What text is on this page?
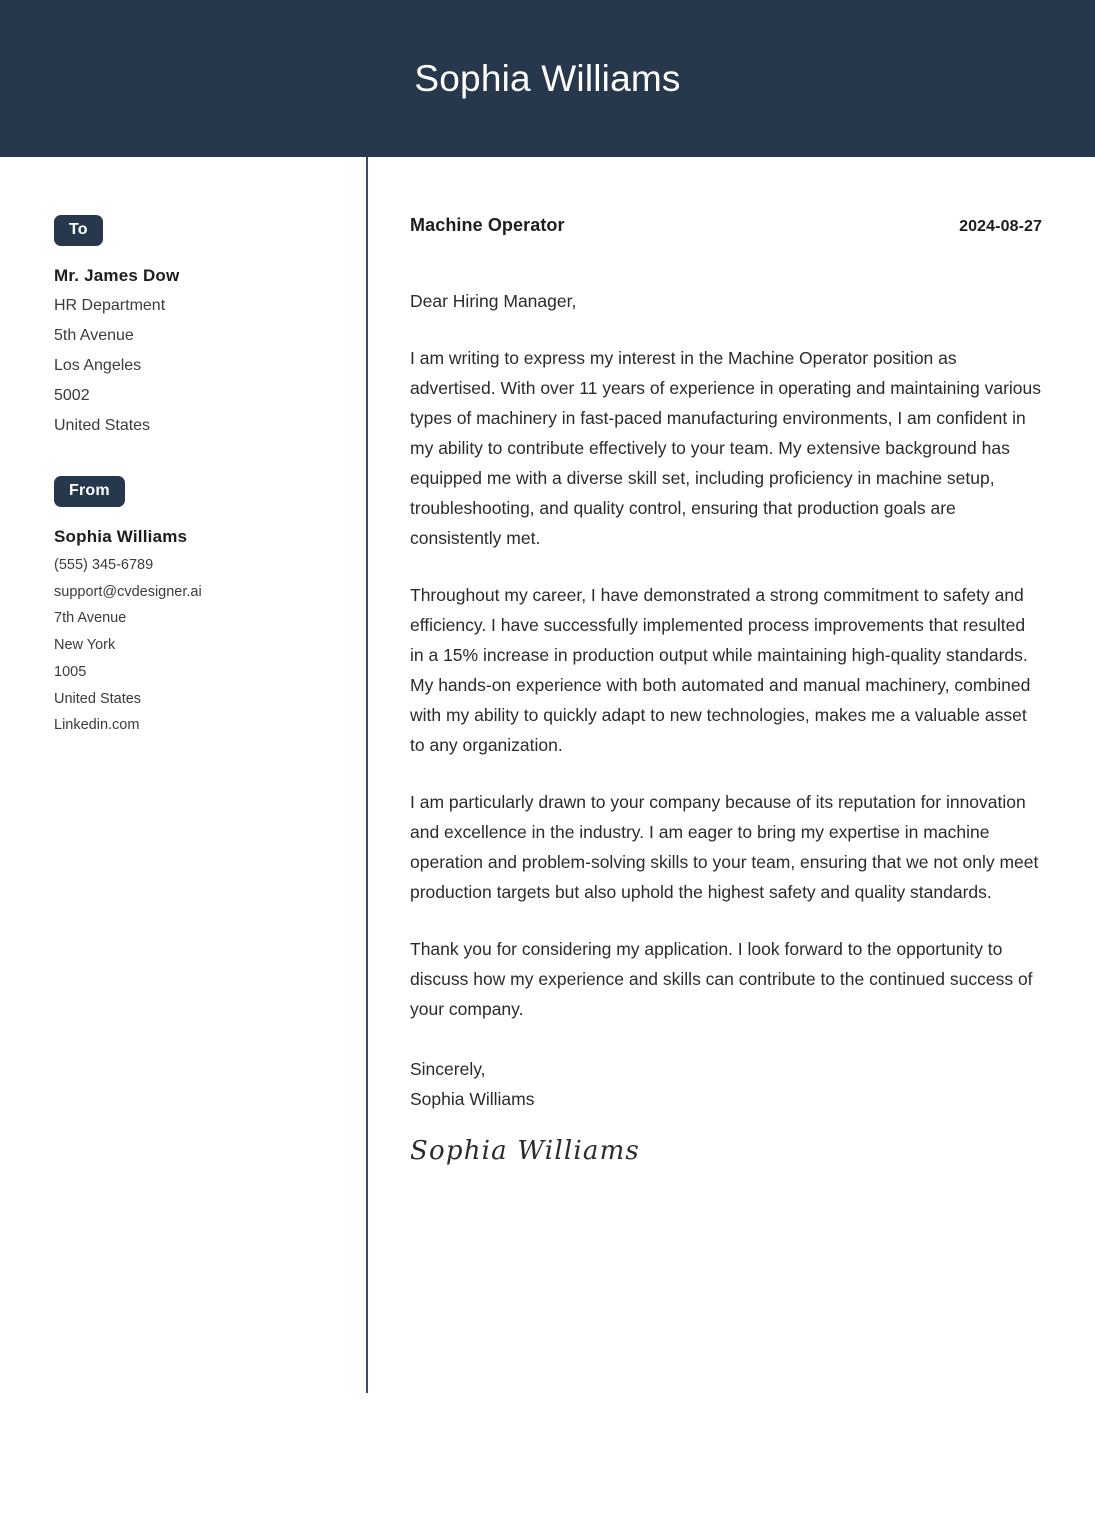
Sophia Williams
To
Mr. James Dow
HR Department
5th Avenue
Los Angeles
5002
United States
From
Sophia Williams
(555) 345-6789
support@cvdesigner.ai
7th Avenue
New York
1005
United States
Linkedin.com
Machine Operator	2024-08-27
Dear Hiring Manager,
I am writing to express my interest in the Machine Operator position as advertised. With over 11 years of experience in operating and maintaining various types of machinery in fast-paced manufacturing environments, I am confident in my ability to contribute effectively to your team. My extensive background has equipped me with a diverse skill set, including proficiency in machine setup, troubleshooting, and quality control, ensuring that production goals are consistently met.
Throughout my career, I have demonstrated a strong commitment to safety and efficiency. I have successfully implemented process improvements that resulted in a 15% increase in production output while maintaining high-quality standards. My hands-on experience with both automated and manual machinery, combined with my ability to quickly adapt to new technologies, makes me a valuable asset to any organization.
I am particularly drawn to your company because of its reputation for innovation and excellence in the industry. I am eager to bring my expertise in machine operation and problem-solving skills to your team, ensuring that we not only meet production targets but also uphold the highest safety and quality standards.
Thank you for considering my application. I look forward to the opportunity to discuss how my experience and skills can contribute to the continued success of your company.
Sincerely,
Sophia Williams
Sophia Williams
